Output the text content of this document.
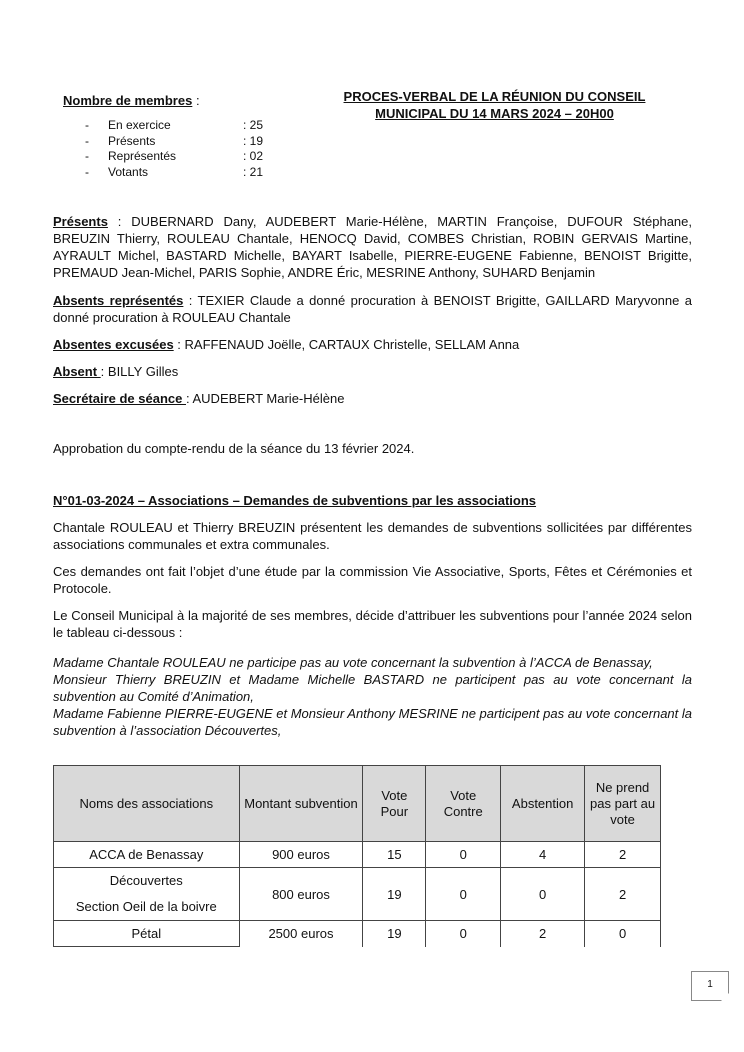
Nombre de membres :
- En exercice	: 25
- Présents	: 19
- Représentés	: 02
- Votants	: 21
PROCES-VERBAL DE LA RÉUNION DU CONSEIL
MUNICIPAL DU 14 MARS 2024 – 20H00

Présents : DUBERNARD Dany, AUDEBERT Marie-Hélène, MARTIN Françoise, DUFOUR Stéphane, BREUZIN Thierry, ROULEAU Chantale, HENOCQ David, COMBES Christian, ROBIN GERVAIS Martine, AYRAULT Michel, BASTARD Michelle, BAYART Isabelle, PIERRE-EUGENE Fabienne, BENOIST Brigitte, PREMAUD Jean-Michel, PARIS Sophie, ANDRE Éric, MESRINE Anthony, SUHARD Benjamin

Absents représentés : TEXIER Claude a donné procuration à BENOIST Brigitte, GAILLARD Maryvonne a donné procuration à ROULEAU Chantale

Absentes excusées : RAFFENAUD Joëlle, CARTAUX Christelle, SELLAM Anna

Absent : BILLY Gilles

Secrétaire de séance : AUDEBERT Marie-Hélène

Approbation du compte-rendu de la séance du 13 février 2024.

N°01-03-2024 – Associations – Demandes de subventions par les associations

Chantale ROULEAU et Thierry BREUZIN présentent les demandes de subventions sollicitées par différentes associations communales et extra communales.

Ces demandes ont fait l’objet d’une étude par la commission Vie Associative, Sports, Fêtes et Cérémonies et Protocole.

Le Conseil Municipal à la majorité de ses membres, décide d’attribuer les subventions pour l’année 2024 selon le tableau ci-dessous :

Madame Chantale ROULEAU ne participe pas au vote concernant la subvention à l’ACCA de Benassay,
Monsieur Thierry BREUZIN et Madame Michelle BASTARD ne participent pas au vote concernant la subvention au Comité d’Animation,
Madame Fabienne PIERRE-EUGENE et Monsieur Anthony MESRINE ne participent pas au vote concernant la subvention à l’association Découvertes,
Noms des associations	Montant subvention	Vote Pour	Vote Contre	Abstention	Ne prend pas part au vote
ACCA de Benassay	900 euros	15	0	4	2

Découvertes
Section Oeil de la boivre	800 euros	19	0	0	2
Pétal	2500 euros	19	0	2	0
1
